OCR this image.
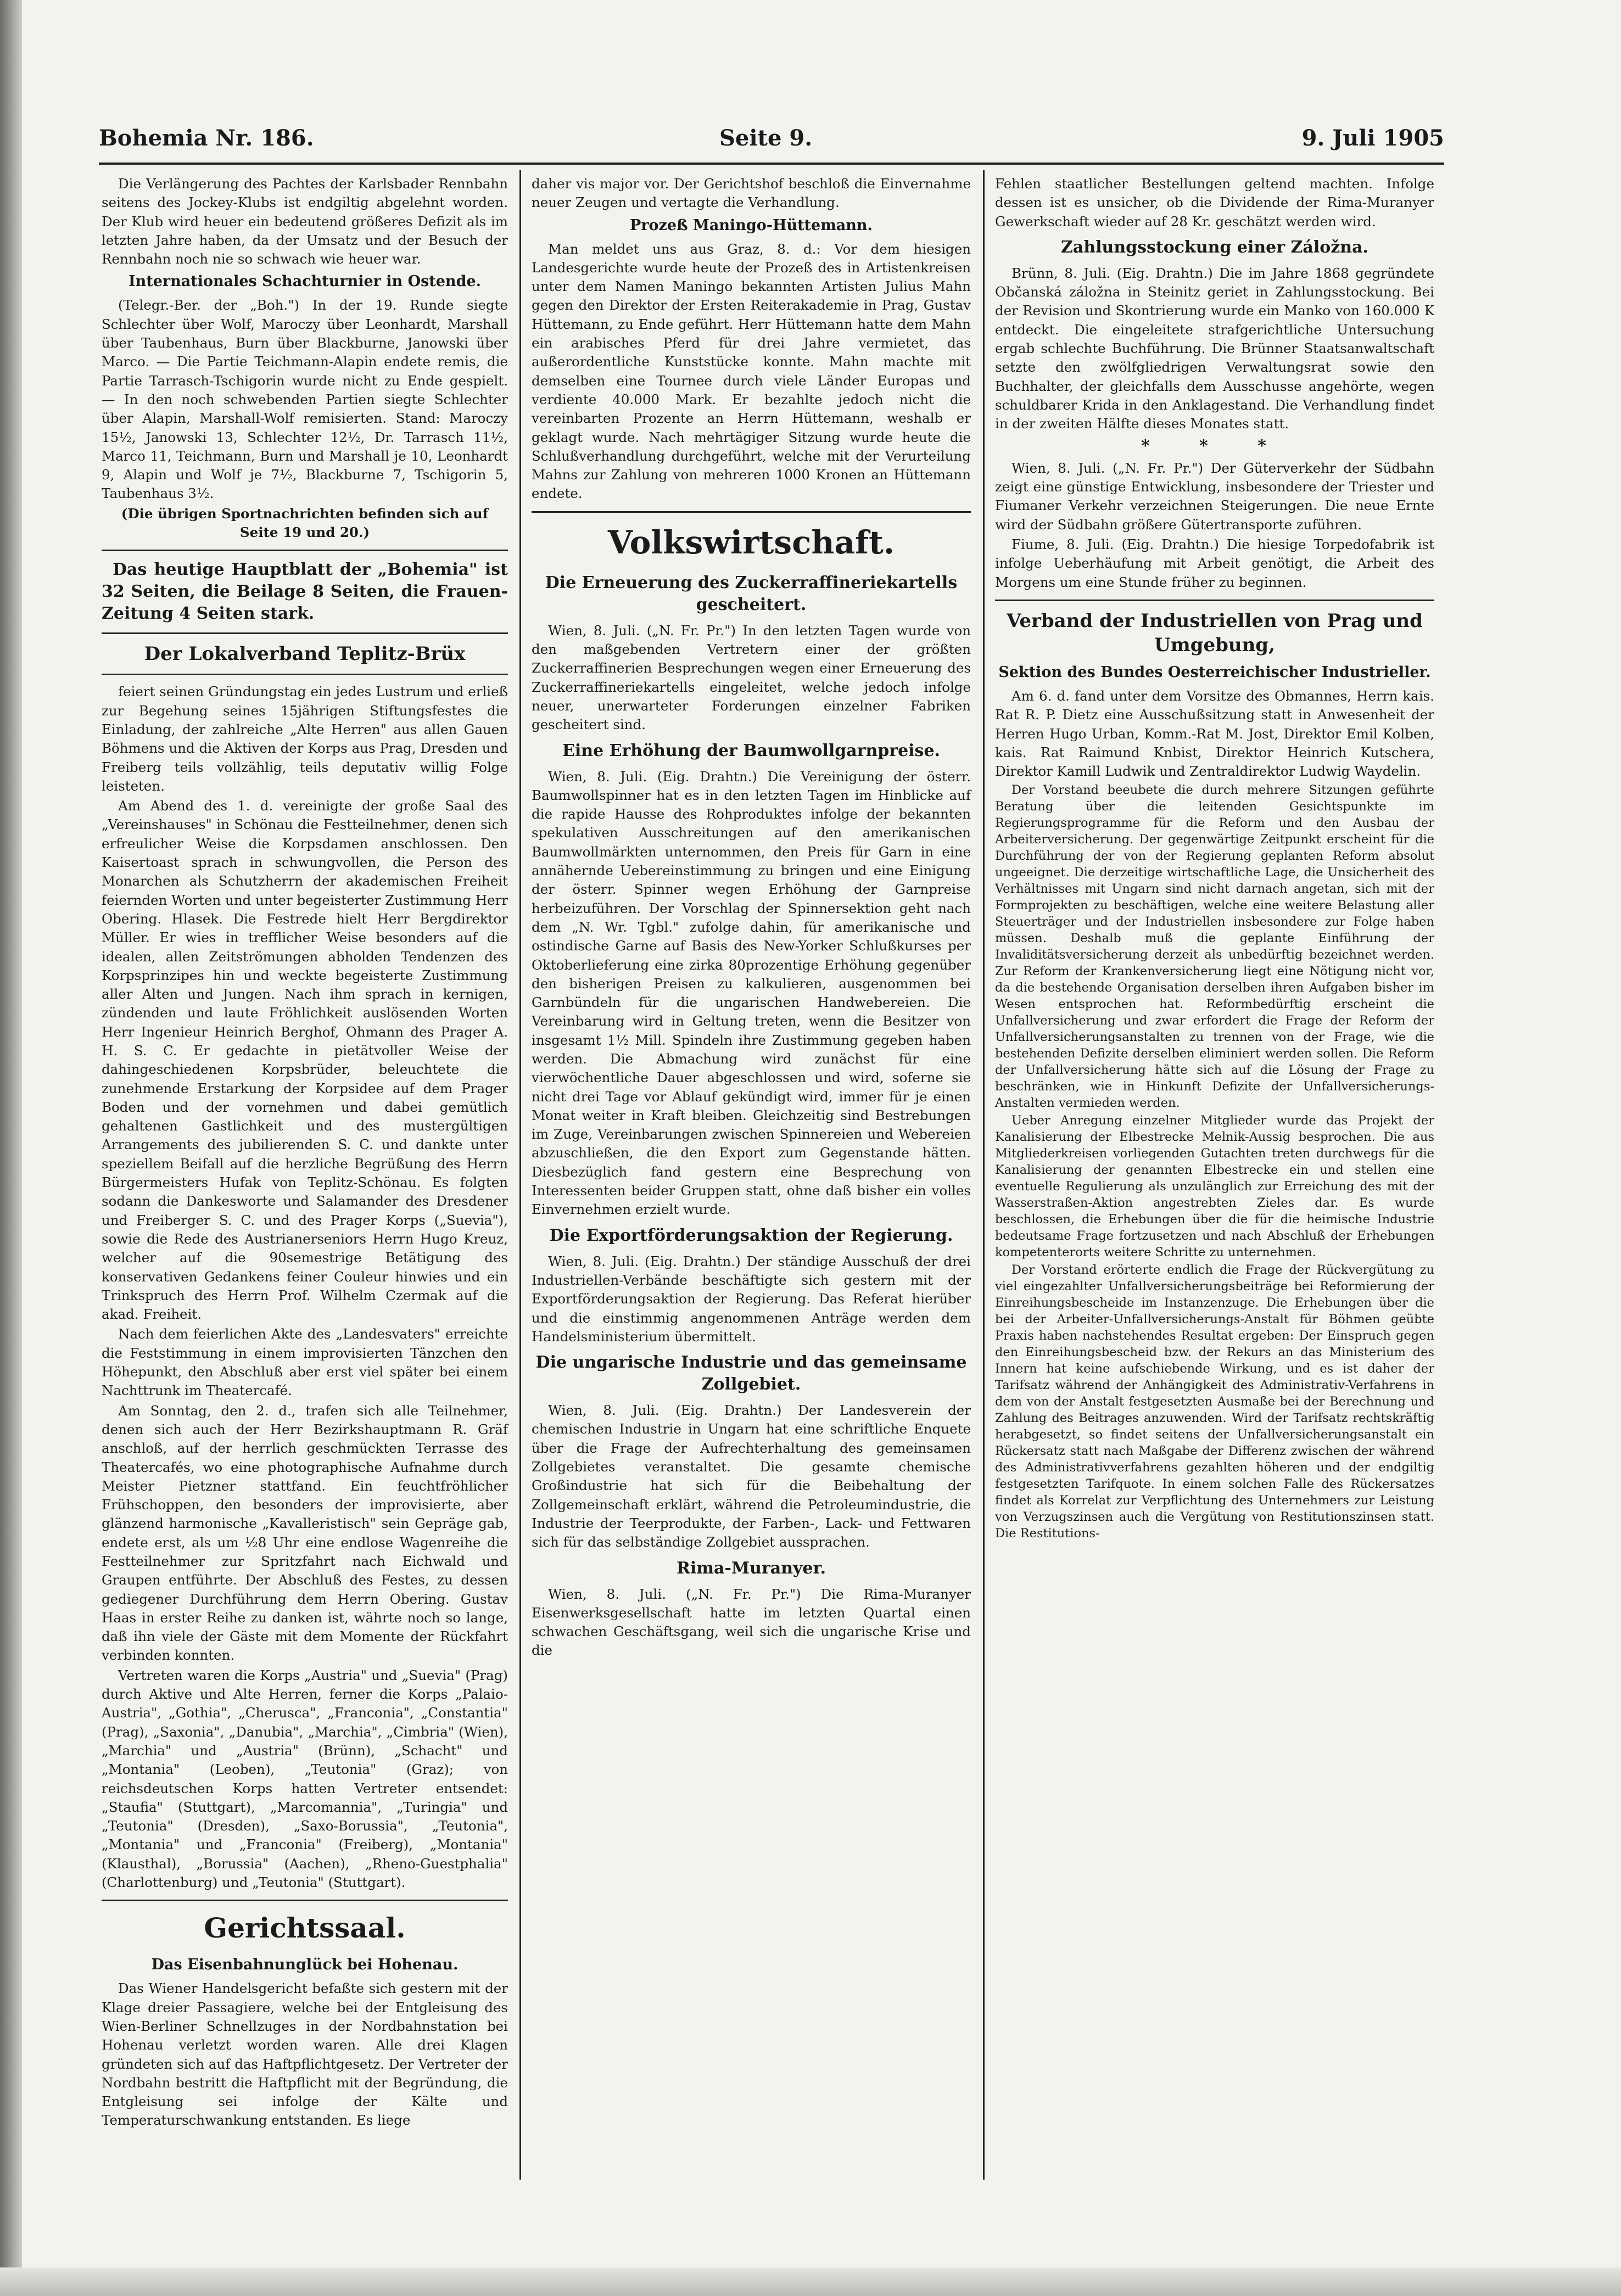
Bohemia Nr. 186.	Seite 9.	9. Juli 1905

Die Verlängerung des Pachtes der Karlsbader Rennbahn seitens des Jockey-Klubs ist endgiltig abgelehnt worden. Der Klub wird heuer ein bedeutend größeres Defizit als im letzten Jahre haben, da der Umsatz und der Besuch der Rennbahn noch nie so schwach wie heuer war.

Internationales Schachturnier in Ostende.

(Telegr.-Ber. der „Boh.") In der 19. Runde siegte Schlechter über Wolf, Maroczy über Leonhardt, Marshall über Taubenhaus, Burn über Blackburne, Janowski über Marco. — Die Partie Teichmann-Alapin endete remis, die Partie Tarrasch-Tschigorin wurde nicht zu Ende gespielt. — In den noch schwebenden Partien siegte Schlechter über Alapin, Marshall-Wolf remisierten. Stand: Maroczy 15½, Janowski 13, Schlechter 12½, Dr. Tarrasch 11½, Marco 11, Teichmann, Burn und Marshall je 10, Leonhardt 9, Alapin und Wolf je 7½, Blackburne 7, Tschigorin 5, Taubenhaus 3½.

(Die übrigen Sportnachrichten befinden sich auf Seite 19 und 20.)

Das heutige Hauptblatt der „Bohemia" ist 32 Seiten, die Beilage 8 Seiten, die Frauen-Zeitung 4 Seiten stark.
Der Lokalverband Teplitz-Brüx

feiert seinen Gründungstag ein jedes Lustrum und erließ zur Begehung seines 15jährigen Stiftungsfestes die Einladung, der zahlreiche „Alte Herren" aus allen Gauen Böhmens und die Aktiven der Korps aus Prag, Dresden und Freiberg teils vollzählig, teils deputativ willig Folge leisteten.

Am Abend des 1. d. vereinigte der große Saal des „Vereinshauses" in Schönau die Festteilnehmer, denen sich erfreulicher Weise die Korpsdamen anschlossen. Den Kaisertoast sprach in schwungvollen, die Person des Monarchen als Schutzherrn der akademischen Freiheit feiernden Worten und unter begeisterter Zustimmung Herr Obering. Hlasek. Die Festrede hielt Herr Bergdirektor Müller. Er wies in trefflicher Weise besonders auf die idealen, allen Zeitströmungen abholden Tendenzen des Korpsprinzipes hin und weckte begeisterte Zustimmung aller Alten und Jungen. Nach ihm sprach in kernigen, zündenden und laute Fröhlichkeit auslösenden Worten Herr Ingenieur Heinrich Berghof, Ohmann des Prager A. H. S. C. Er gedachte in pietätvoller Weise der dahingeschiedenen Korpsbrüder, beleuchtete die zunehmende Erstarkung der Korpsidee auf dem Prager Boden und der vornehmen und dabei gemütlich gehaltenen Gastlichkeit und des mustergültigen Arrangements des jubilierenden S. C. und dankte unter speziellem Beifall auf die herzliche Begrüßung des Herrn Bürgermeisters Hufak von Teplitz-Schönau. Es folgten sodann die Dankesworte und Salamander des Dresdener und Freiberger S. C. und des Prager Korps („Suevia"), sowie die Rede des Austrianerseniors Herrn Hugo Kreuz, welcher auf die 90semestrige Betätigung des konservativen Gedankens feiner Couleur hinwies und ein Trinkspruch des Herrn Prof. Wilhelm Czermak auf die akad. Freiheit.

Nach dem feierlichen Akte des „Landesvaters" erreichte die Feststimmung in einem improvisierten Tänzchen den Höhepunkt, den Abschluß aber erst viel später bei einem Nachttrunk im Theatercafé.

Am Sonntag, den 2. d., trafen sich alle Teilnehmer, denen sich auch der Herr Bezirkshauptmann R. Gräf anschloß, auf der herrlich geschmückten Terrasse des Theatercafés, wo eine photographische Aufnahme durch Meister Pietzner stattfand. Ein feuchtfröhlicher Frühschoppen, den besonders der improvisierte, aber glänzend harmonische „Kavalleristisch" sein Gepräge gab, endete erst, als um ½8 Uhr eine endlose Wagenreihe die Festteilnehmer zur Spritzfahrt nach Eichwald und Graupen entführte. Der Abschluß des Festes, zu dessen gediegener Durchführung dem Herrn Obering. Gustav Haas in erster Reihe zu danken ist, währte noch so lange, daß ihn viele der Gäste mit dem Momente der Rückfahrt verbinden konnten.

Vertreten waren die Korps „Austria" und „Suevia" (Prag) durch Aktive und Alte Herren, ferner die Korps „Palaio-Austria", „Gothia", „Cherusca", „Franconia", „Constantia" (Prag), „Saxonia", „Danubia", „Marchia", „Cimbria" (Wien), „Marchia" und „Austria" (Brünn), „Schacht" und „Montania" (Leoben), „Teutonia" (Graz); von reichsdeutschen Korps hatten Vertreter entsendet: „Staufia" (Stuttgart), „Marcomannia", „Turingia" und „Teutonia" (Dresden), „Saxo-Borussia", „Teutonia", „Montania" und „Franconia" (Freiberg), „Montania" (Klausthal), „Borussia" (Aachen), „Rheno-Guestphalia" (Charlottenburg) und „Teutonia" (Stuttgart).

Gerichtssaal.
Das Eisenbahnunglück bei Hohenau.

Das Wiener Handelsgericht befaßte sich gestern mit der Klage dreier Passagiere, welche bei der Entgleisung des Wien-Berliner Schnellzuges in der Nordbahnstation bei Hohenau verletzt worden waren. Alle drei Klagen gründeten sich auf das Haftpflichtgesetz. Der Vertreter der Nordbahn bestritt die Haftpflicht mit der Begründung, die Entgleisung sei infolge der Kälte und Temperaturschwankung entstanden. Es liege

daher vis major vor. Der Gerichtshof beschloß die Einvernahme neuer Zeugen und vertagte die Verhandlung.

Prozeß Maningo-Hüttemann.

Man meldet uns aus Graz, 8. d.: Vor dem hiesigen Landesgerichte wurde heute der Prozeß des in Artistenkreisen unter dem Namen Maningo bekannten Artisten Julius Mahn gegen den Direktor der Ersten Reiterakademie in Prag, Gustav Hüttemann, zu Ende geführt. Herr Hüttemann hatte dem Mahn ein arabisches Pferd für drei Jahre vermietet, das außerordentliche Kunststücke konnte. Mahn machte mit demselben eine Tournee durch viele Länder Europas und verdiente 40.000 Mark. Er bezahlte jedoch nicht die vereinbarten Prozente an Herrn Hüttemann, weshalb er geklagt wurde. Nach mehrtägiger Sitzung wurde heute die Schlußverhandlung durchgeführt, welche mit der Verurteilung Mahns zur Zahlung von mehreren 1000 Kronen an Hüttemann endete.

Volkswirtschaft.
Die Erneuerung des Zuckerraffineriekartells gescheitert.

Wien, 8. Juli. („N. Fr. Pr.") In den letzten Tagen wurde von den maßgebenden Vertretern einer der größten Zuckerraffinerien Besprechungen wegen einer Erneuerung des Zuckerraffineriekartells eingeleitet, welche jedoch infolge neuer, unerwarteter Forderungen einzelner Fabriken gescheitert sind.

Eine Erhöhung der Baumwollgarnpreise.

Wien, 8. Juli. (Eig. Drahtn.) Die Vereinigung der österr. Baumwollspinner hat es in den letzten Tagen im Hinblicke auf die rapide Hausse des Rohproduktes infolge der bekannten spekulativen Ausschreitungen auf den amerikanischen Baumwollmärkten unternommen, den Preis für Garn in eine annähernde Uebereinstimmung zu bringen und eine Einigung der österr. Spinner wegen Erhöhung der Garnpreise herbeizuführen. Der Vorschlag der Spinnersektion geht nach dem „N. Wr. Tgbl." zufolge dahin, für amerikanische und ostindische Garne auf Basis des New-Yorker Schlußkurses per Oktoberlieferung eine zirka 80prozentige Erhöhung gegenüber den bisherigen Preisen zu kalkulieren, ausgenommen bei Garnbündeln für die ungarischen Handwebereien. Die Vereinbarung wird in Geltung treten, wenn die Besitzer von insgesamt 1½ Mill. Spindeln ihre Zustimmung gegeben haben werden. Die Abmachung wird zunächst für eine vierwöchentliche Dauer abgeschlossen und wird, soferne sie nicht drei Tage vor Ablauf gekündigt wird, immer für je einen Monat weiter in Kraft bleiben. Gleichzeitig sind Bestrebungen im Zuge, Vereinbarungen zwischen Spinnereien und Webereien abzuschließen, die den Export zum Gegenstande hätten. Diesbezüglich fand gestern eine Besprechung von Interessenten beider Gruppen statt, ohne daß bisher ein volles Einvernehmen erzielt wurde.

Die Exportförderungsaktion der Regierung.

Wien, 8. Juli. (Eig. Drahtn.) Der ständige Ausschuß der drei Industriellen-Verbände beschäftigte sich gestern mit der Exportförderungsaktion der Regierung. Das Referat hierüber und die einstimmig angenommenen Anträge werden dem Handelsministerium übermittelt.

Die ungarische Industrie und das gemeinsame Zollgebiet.

Wien, 8. Juli. (Eig. Drahtn.) Der Landesverein der chemischen Industrie in Ungarn hat eine schriftliche Enquete über die Frage der Aufrechterhaltung des gemeinsamen Zollgebietes veranstaltet. Die gesamte chemische Großindustrie hat sich für die Beibehaltung der Zollgemeinschaft erklärt, während die Petroleumindustrie, die Industrie der Teerprodukte, der Farben-, Lack- und Fettwaren sich für das selbständige Zollgebiet aussprachen.

Rima-Muranyer.

Wien, 8. Juli. („N. Fr. Pr.") Die Rima-Muranyer Eisenwerksgesellschaft hatte im letzten Quartal einen schwachen Geschäftsgang, weil sich die ungarische Krise und die

Fehlen staatlicher Bestellungen geltend machten. Infolge dessen ist es unsicher, ob die Dividende der Rima-Muranyer Gewerkschaft wieder auf 28 Kr. geschätzt werden wird.

Zahlungsstockung einer Záložna.

Brünn, 8. Juli. (Eig. Drahtn.) Die im Jahre 1868 gegründete Občanská záložna in Steinitz geriet in Zahlungsstockung. Bei der Revision und Skontrierung wurde ein Manko von 160.000 K entdeckt. Die eingeleitete strafgerichtliche Untersuchung ergab schlechte Buchführung. Die Brünner Staatsanwaltschaft setzte den zwölfgliedrigen Verwaltungsrat sowie den Buchhalter, der gleichfalls dem Ausschusse angehörte, wegen schuldbarer Krida in den Anklagestand. Die Verhandlung findet in der zweiten Hälfte dieses Monates statt.

* * *

Wien, 8. Juli. („N. Fr. Pr.") Der Güterverkehr der Südbahn zeigt eine günstige Entwicklung, insbesondere der Triester und Fiumaner Verkehr verzeichnen Steigerungen. Die neue Ernte wird der Südbahn größere Gütertransporte zuführen.

Fiume, 8. Juli. (Eig. Drahtn.) Die hiesige Torpedofabrik ist infolge Ueberhäufung mit Arbeit genötigt, die Arbeit des Morgens um eine Stunde früher zu beginnen.

Verband der Industriellen von Prag und Umgebung,
Sektion des Bundes Oesterreichischer Industrieller.

Am 6. d. fand unter dem Vorsitze des Obmannes, Herrn kais. Rat R. P. Dietz eine Ausschußsitzung statt in Anwesenheit der Herren Hugo Urban, Komm.-Rat M. Jost, Direktor Emil Kolben, kais. Rat Raimund Knbist, Direktor Heinrich Kutschera, Direktor Kamill Ludwik und Zentraldirektor Ludwig Waydelin.

Der Vorstand beeubete die durch mehrere Sitzungen geführte Beratung über die leitenden Gesichtspunkte im Regierungsprogramme für die Reform und den Ausbau der Arbeiterversicherung. Der gegenwärtige Zeitpunkt erscheint für die Durchführung der von der Regierung geplanten Reform absolut ungeeignet. Die derzeitige wirtschaftliche Lage, die Unsicherheit des Verhältnisses mit Ungarn sind nicht darnach angetan, sich mit der Formprojekten zu beschäftigen, welche eine weitere Belastung aller Steuerträger und der Industriellen insbesondere zur Folge haben müssen. Deshalb muß die geplante Einführung der Invaliditätsversicherung derzeit als unbedürftig bezeichnet werden. Zur Reform der Krankenversicherung liegt eine Nötigung nicht vor, da die bestehende Organisation derselben ihren Aufgaben bisher im Wesen entsprochen hat. Reformbedürftig erscheint die Unfallversicherung und zwar erfordert die Frage der Reform der Unfallversicherungsanstalten zu trennen von der Frage, wie die bestehenden Defizite derselben eliminiert werden sollen. Die Reform der Unfallversicherung hätte sich auf die Lösung der Frage zu beschränken, wie in Hinkunft Defizite der Unfallversicherungs-Anstalten vermieden werden.

Ueber Anregung einzelner Mitglieder wurde das Projekt der Kanalisierung der Elbestrecke Melnik-Aussig besprochen. Die aus Mitgliederkreisen vorliegenden Gutachten treten durchwegs für die Kanalisierung der genannten Elbestrecke ein und stellen eine eventuelle Regulierung als unzulänglich zur Erreichung des mit der Wasserstraßen-Aktion angestrebten Zieles dar. Es wurde beschlossen, die Erhebungen über die für die heimische Industrie bedeutsame Frage fortzusetzen und nach Abschluß der Erhebungen kompetenterorts weitere Schritte zu unternehmen.

Der Vorstand erörterte endlich die Frage der Rückvergütung zu viel eingezahlter Unfallversicherungsbeiträge bei Reformierung der Einreihungsbescheide im Instanzenzuge. Die Erhebungen über die bei der Arbeiter-Unfallversicherungs-Anstalt für Böhmen geübte Praxis haben nachstehendes Resultat ergeben: Der Einspruch gegen den Einreihungsbescheid bzw. der Rekurs an das Ministerium des Innern hat keine aufschiebende Wirkung, und es ist daher der Tarifsatz während der Anhängigkeit des Administrativ-Verfahrens in dem von der Anstalt festgesetzten Ausmaße bei der Berechnung und Zahlung des Beitrages anzuwenden. Wird der Tarifsatz rechtskräftig herabgesetzt, so findet seitens der Unfallversicherungsanstalt ein Rückersatz statt nach Maßgabe der Differenz zwischen der während des Administrativverfahrens gezahlten höheren und der endgiltig festgesetzten Tarifquote. In einem solchen Falle des Rückersatzes findet als Korrelat zur Verpflichtung des Unternehmers zur Leistung von Verzugszinsen auch die Vergütung von Restitutionszinsen statt. Die Restitutions-
